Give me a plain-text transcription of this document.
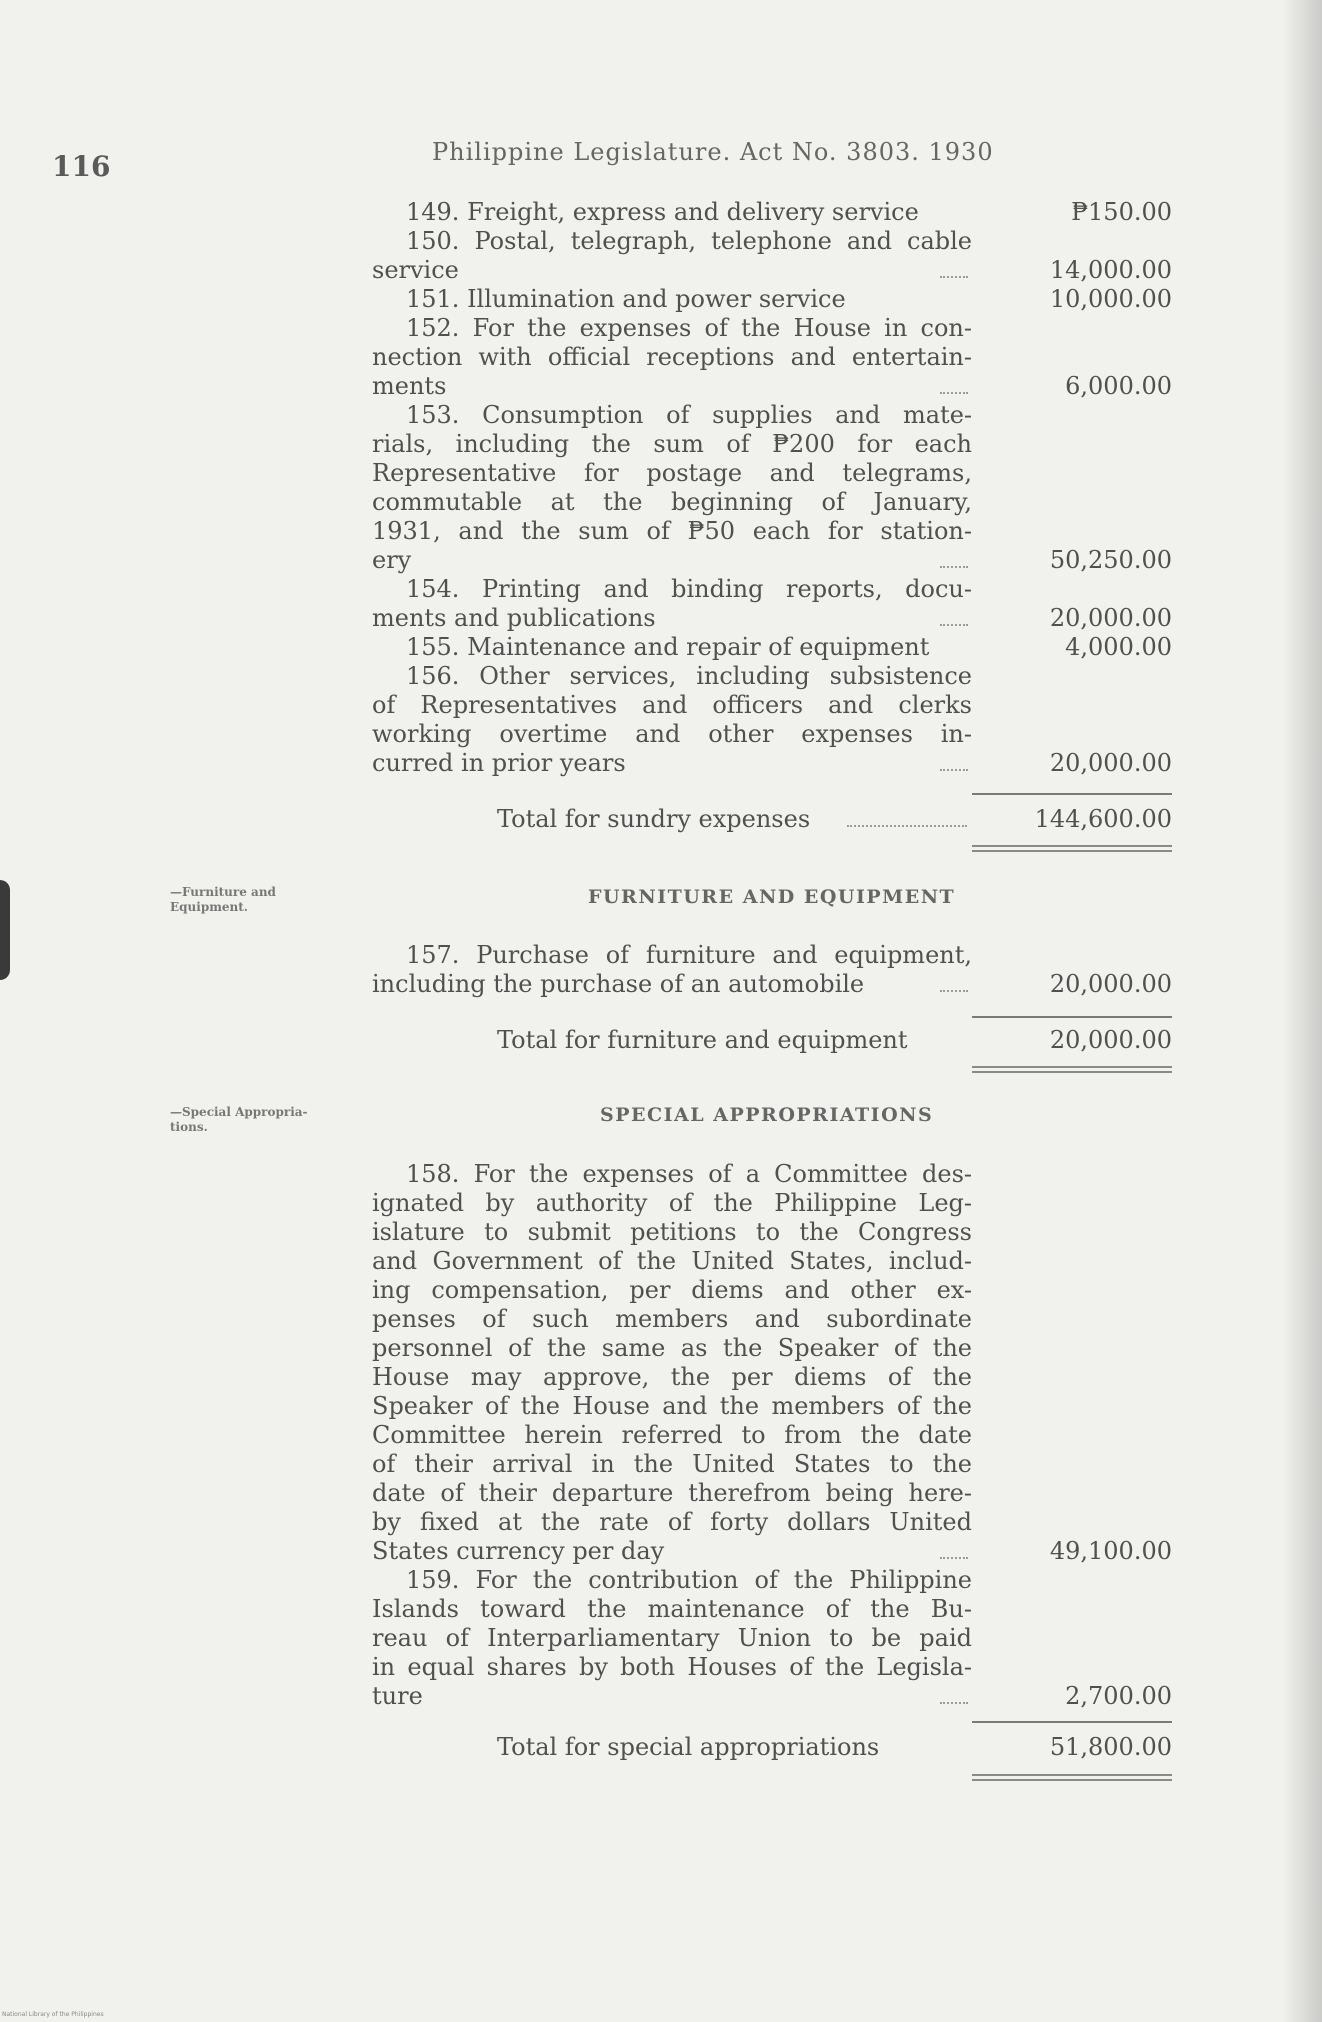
116	Philippine Legislature. Act No. 3803. 1930
149. Freight, express and delivery service	₱150.00
150. Postal, telegraph, telephone and cable
service	14,000.00
151. Illumination and power service	10,000.00
152. For the expenses of the House in con-
nection with official receptions and entertain-
ments	6,000.00
153. Consumption of supplies and mate-
rials, including the sum of ₱200 for each
Representative for postage and telegrams,
commutable at the beginning of January,
1931, and the sum of ₱50 each for station-
ery	50,250.00
154. Printing and binding reports, docu-
ments and publications	20,000.00
155. Maintenance and repair of equipment	4,000.00
156. Other services, including subsistence
of Representatives and officers and clerks
working overtime and other expenses in-
curred in prior years	20,000.00
Total for sundry expenses	144,600.00
—Furniture and
Equipment.	FURNITURE AND EQUIPMENT
157. Purchase of furniture and equipment,
including the purchase of an automobile	20,000.00
Total for furniture and equipment	20,000.00
—Special Appropria-
tions.
SPECIAL APPROPRIATIONS
158. For the expenses of a Committee des-
ignated by authority of the Philippine Leg-
islature to submit petitions to the Congress
and Government of the United States, includ-
ing compensation, per diems and other ex-
penses of such members and subordinate
personnel of the same as the Speaker of the
House may approve, the per diems of the
Speaker of the House and the members of the
Committee herein referred to from the date
of their arrival in the United States to the
date of their departure therefrom being here-
by fixed at the rate of forty dollars United
States currency per day	49,100.00
159. For the contribution of the Philippine
Islands toward the maintenance of the Bu-
reau of Interparliamentary Union to be paid
in equal shares by both Houses of the Legisla-
ture	2,700.00
Total for special appropriations	51,800.00
National Library of the Philippines
